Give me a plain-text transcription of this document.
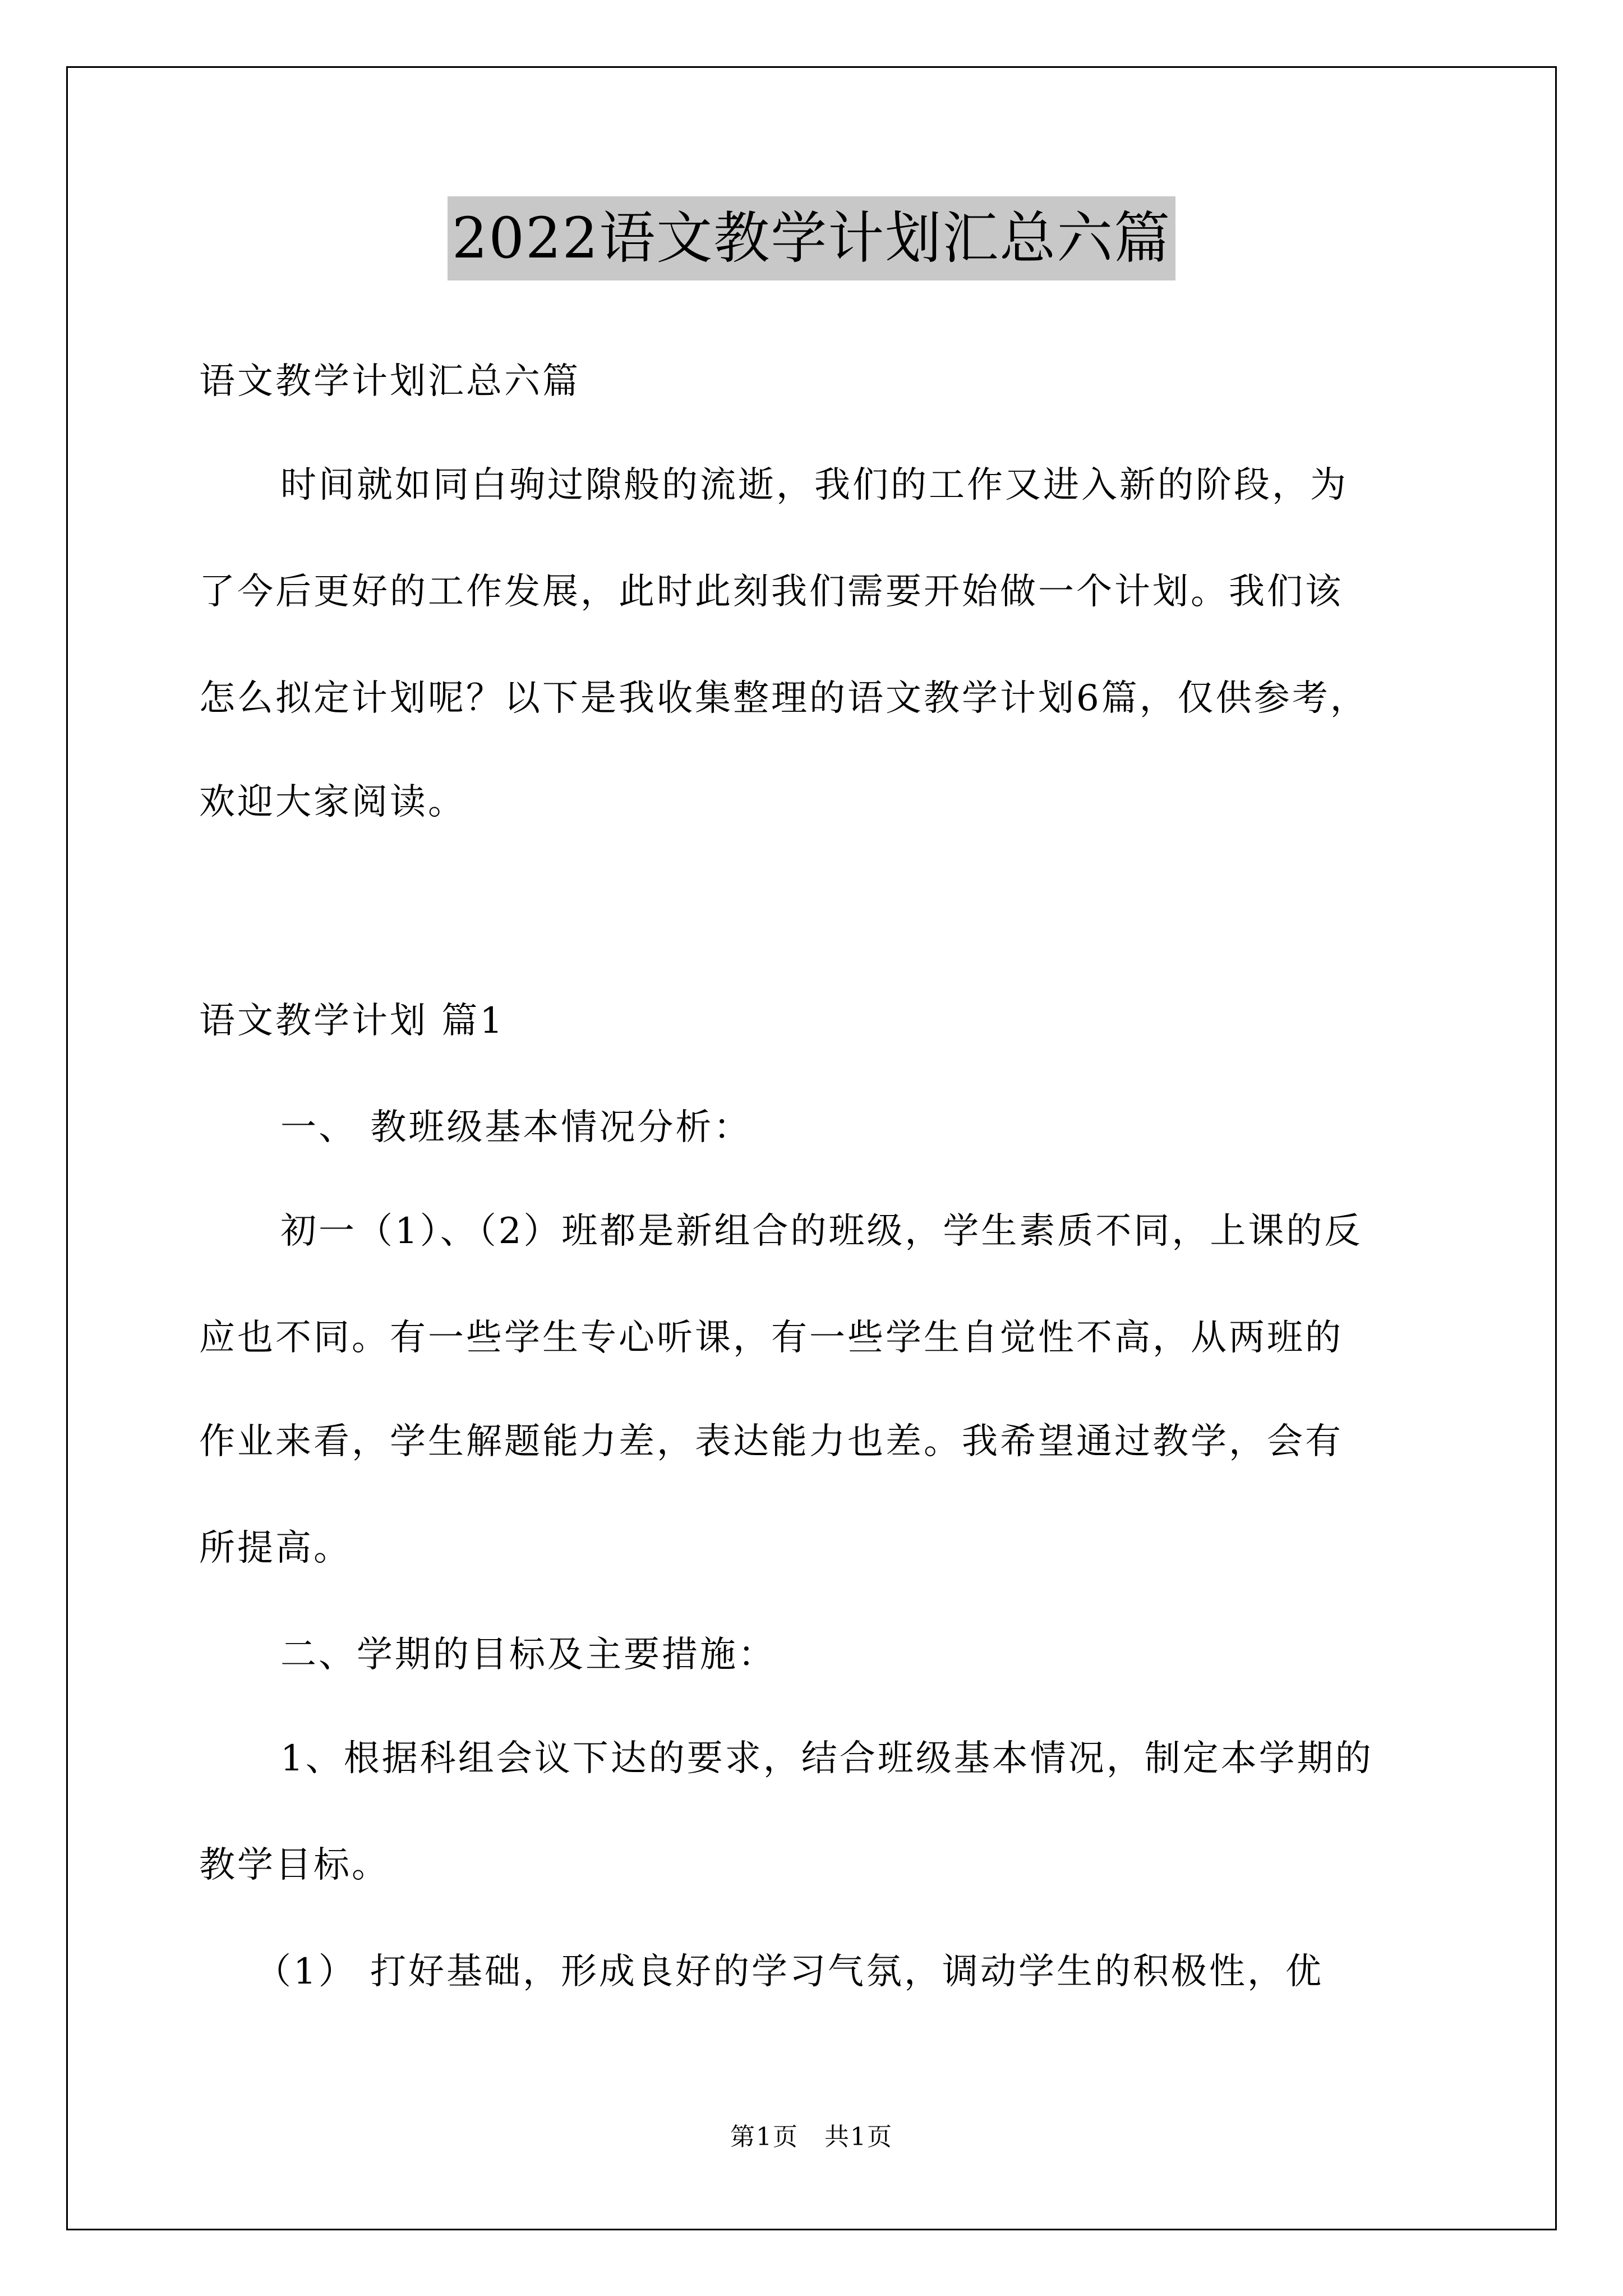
2022语文教学计划汇总六篇
语文教学计划汇总六篇
时间就如同白驹过隙般的流逝，我们的工作又进入新的阶段，为
了今后更好的工作发展，此时此刻我们需要开始做一个计划。我们该
怎么拟定计划呢？以下是我收集整理的语文教学计划6篇，仅供参考，
欢迎大家阅读。
语文教学计划 篇1
一、 教班级基本情况分析：
初一（1）、（2）班都是新组合的班级，学生素质不同，上课的反
应也不同。有一些学生专心听课，有一些学生自觉性不高，从两班的
作业来看，学生解题能力差，表达能力也差。我希望通过教学，会有
所提高。
二、学期的目标及主要措施：
1、根据科组会议下达的要求，结合班级基本情况，制定本学期的
教学目标。
（1） 打好基础，形成良好的学习气氛，调动学生的积极性，优
第1页　共1页
